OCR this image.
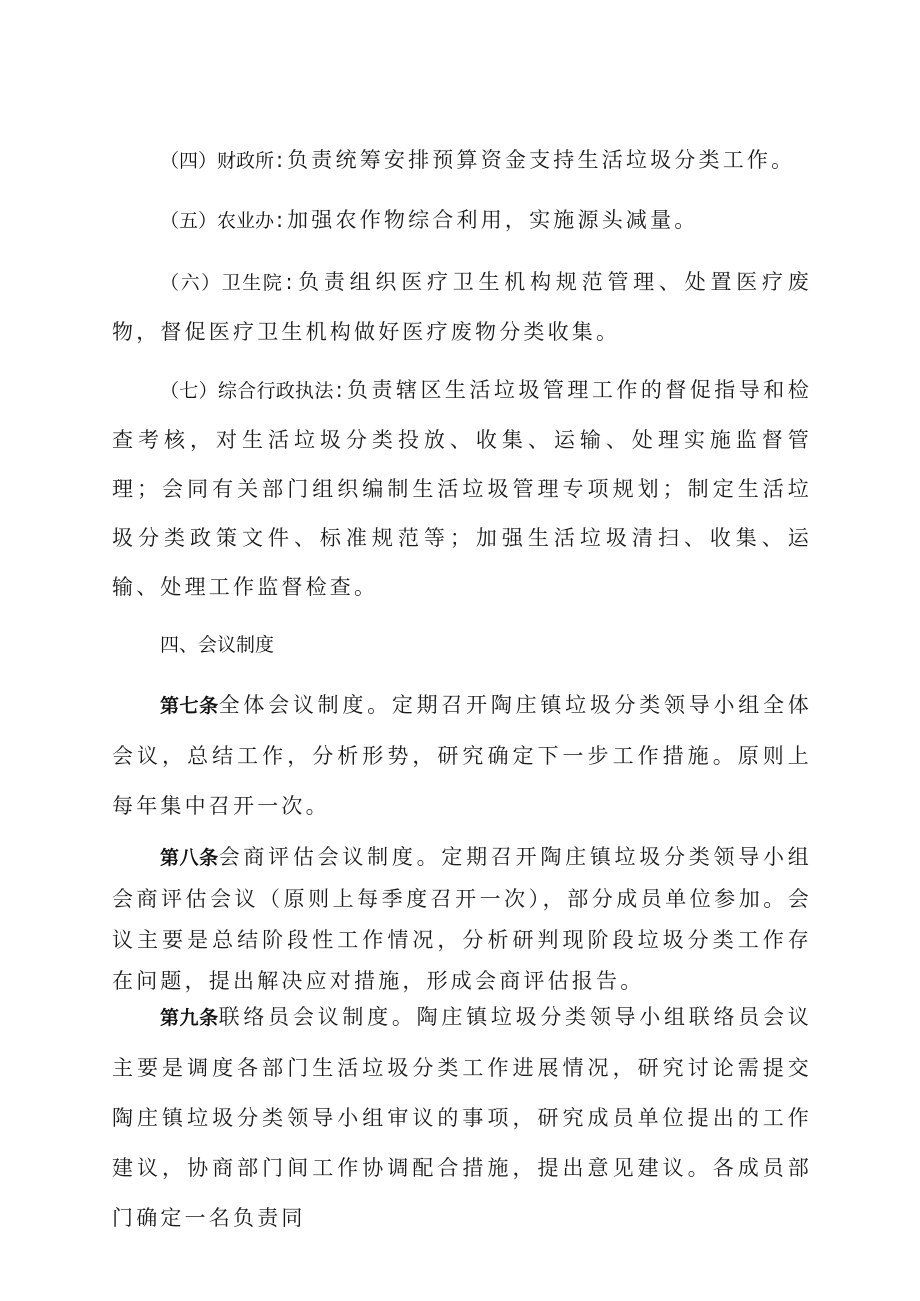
（四）财政所: 负责统筹安排预算资金支持生活垃圾分类工作。

（五）农业办: 加强农作物综合利用，实施源头减量。

（六）卫生院: 负责组织医疗卫生机构规范管理、处置医疗废物，督促医疗卫生机构做好医疗废物分类收集。

（七）综合行政执法: 负责辖区生活垃圾管理工作的督促指导和检查考核，对生活垃圾分类投放、收集、运输、处理实施监督管理；会同有关部门组织编制生活垃圾管理专项规划；制定生活垃圾分类政策文件、标准规范等；加强生活垃圾清扫、收集、运输、处理工作监督检查。

四、会议制度

第七条全体会议制度。定期召开陶庄镇垃圾分类领导小组全体会议，总结工作，分析形势，研究确定下一步工作措施。原则上每年集中召开一次。

第八条会商评估会议制度。定期召开陶庄镇垃圾分类领导小组会商评估会议（原则上每季度召开一次），部分成员单位参加。会议主要是总结阶段性工作情况，分析研判现阶段垃圾分类工作存在问题，提出解决应对措施，形成会商评估报告。

第九条联络员会议制度。陶庄镇垃圾分类领导小组联络员会议主要是调度各部门生活垃圾分类工作进展情况，研究讨论需提交陶庄镇垃圾分类领导小组审议的事项，研究成员单位提出的工作建议，协商部门间工作协调配合措施，提出意见建议。各成员部门确定一名负责同
